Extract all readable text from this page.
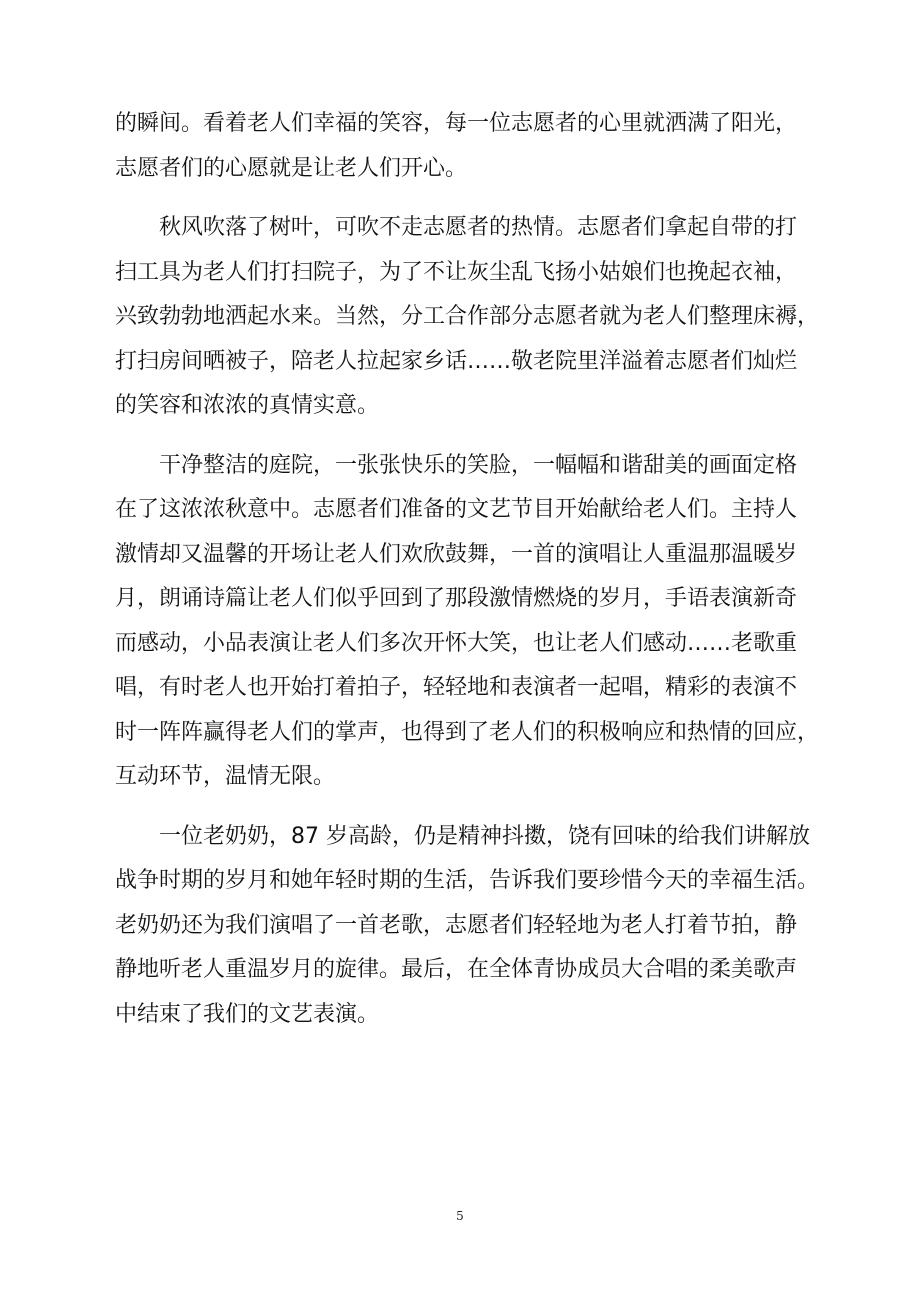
的瞬间。看着老人们幸福的笑容，每一位志愿者的心里就洒满了阳光，
志愿者们的心愿就是让老人们开心。

秋风吹落了树叶，可吹不走志愿者的热情。志愿者们拿起自带的打
扫工具为老人们打扫院子，为了不让灰尘乱飞扬小姑娘们也挽起衣袖，
兴致勃勃地洒起水来。当然，分工合作部分志愿者就为老人们整理床褥，
打扫房间晒被子，陪老人拉起家乡话……敬老院里洋溢着志愿者们灿烂
的笑容和浓浓的真情实意。

干净整洁的庭院，一张张快乐的笑脸，一幅幅和谐甜美的画面定格
在了这浓浓秋意中。志愿者们准备的文艺节目开始献给老人们。主持人
激情却又温馨的开场让老人们欢欣鼓舞，一首的演唱让人重温那温暖岁
月，朗诵诗篇让老人们似乎回到了那段激情燃烧的岁月，手语表演新奇
而感动，小品表演让老人们多次开怀大笑，也让老人们感动……老歌重
唱，有时老人也开始打着拍子，轻轻地和表演者一起唱，精彩的表演不
时一阵阵赢得老人们的掌声，也得到了老人们的积极响应和热情的回应，
互动环节，温情无限。

一位老奶奶，87 岁高龄，仍是精神抖擞，饶有回味的给我们讲解放
战争时期的岁月和她年轻时期的生活，告诉我们要珍惜今天的幸福生活。
老奶奶还为我们演唱了一首老歌，志愿者们轻轻地为老人打着节拍，静
静地听老人重温岁月的旋律。最后，在全体青协成员大合唱的柔美歌声
中结束了我们的文艺表演。

5
